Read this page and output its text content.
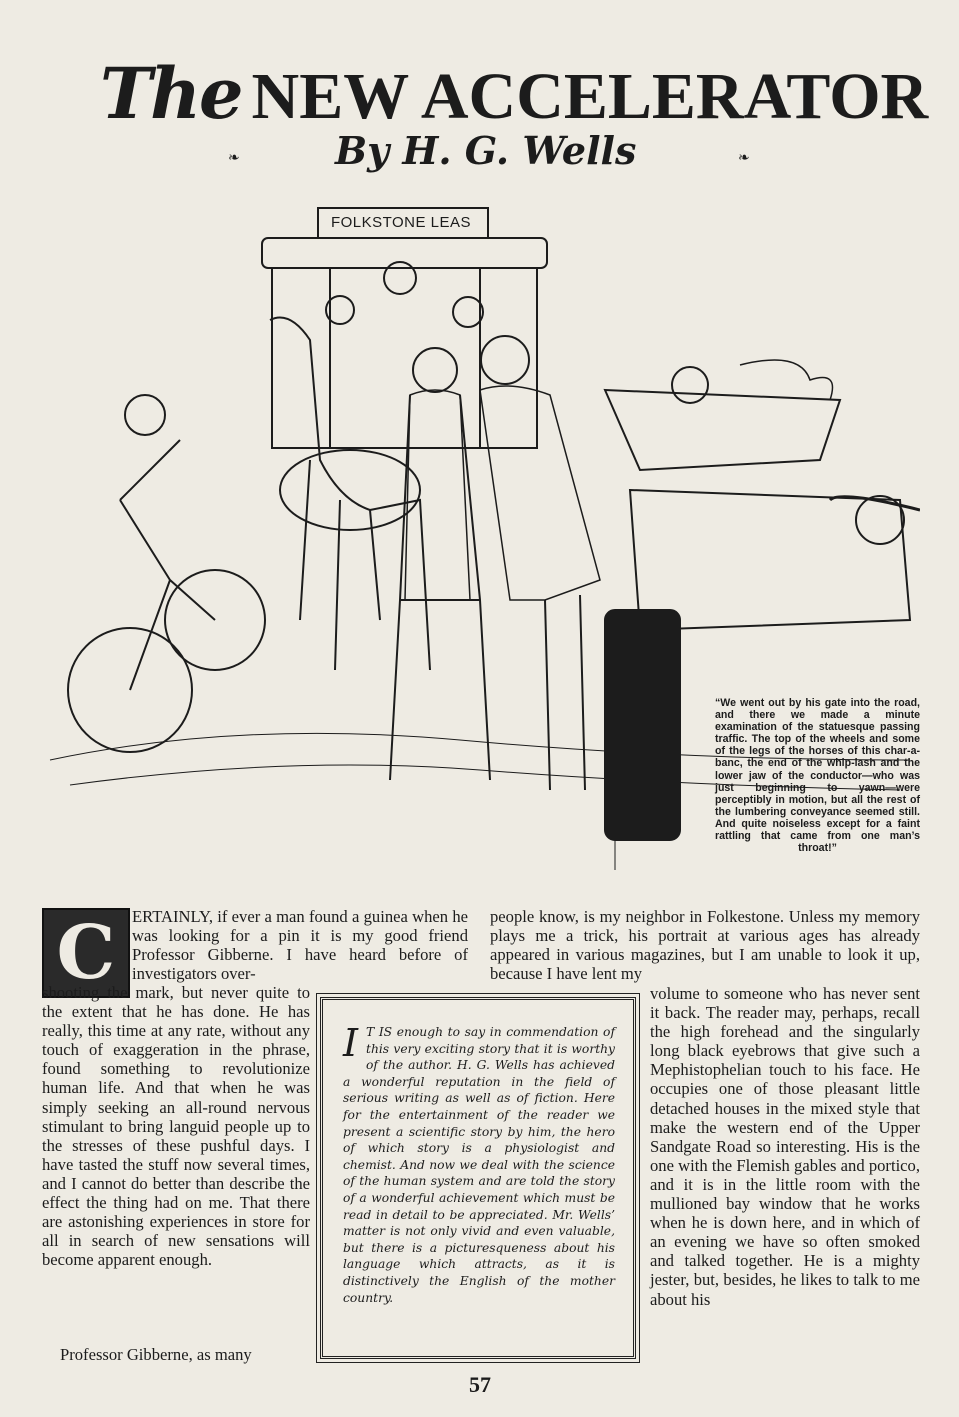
The NEW ACCELERATOR
❧	By H. G. Wells	❧
FOLKSTONE LEAS
“We went out by his gate into the road, and there we made a minute examination of the statuesque passing traffic. The top of the wheels and some of the legs of the horses of this char-a-banc, the end of the whip-lash and the lower jaw of the conductor—who was just beginning to yawn—were perceptibly in motion, but all the rest of the lumbering conveyance seemed still. And quite noiseless except for a faint rattling that came from one man’s throat!”
C ERTAINLY, if ever a man found a guinea when he was looking for a pin it is my good friend Professor Gibberne. I have heard before of investigators over-
shooting the mark, but never quite to the extent that he has done. He has really, this time at any rate, without any touch of exaggeration in the phrase, found something to revolutionize human life. And that when he was simply seeking an all-round nervous stimulant to bring languid people up to the stresses of these pushful days. I have tasted the stuff now several times, and I cannot do better than describe the effect the thing had on me. That there are astonishing experiences in store for all in search of new sensations will become apparent enough.
Professor Gibberne, as many
people know, is my neighbor in Folkestone. Unless my memory plays me a trick, his portrait at various ages has already appeared in various magazines, but I am unable to look it up, because I have lent my
volume to someone who has never sent it back. The reader may, perhaps, recall the high forehead and the singularly long black eyebrows that give such a Mephistophelian touch to his face. He occupies one of those pleasant little detached houses in the mixed style that make the western end of the Upper Sandgate Road so interesting. His is the one with the Flemish gables and portico, and it is in the little room with the mullioned bay window that he works when he is down here, and in which of an evening we have so often smoked and talked together. He is a mighty jester, but, besides, he likes to talk to me about his
I T IS enough to say in commendation of this very exciting story that it is worthy of the author. H. G. Wells has achieved a wonderful reputation in the field of serious writing as well as of fiction. Here for the entertainment of the reader we present a scientific story by him, the hero of which story is a physiologist and chemist. And now we deal with the science of the human system and are told the story of a wonderful achievement which must be read in detail to be appreciated. Mr. Wells’ matter is not only vivid and even valuable, but there is a picturesqueness about his language which attracts, as it is distinctively the English of the mother country.
57
